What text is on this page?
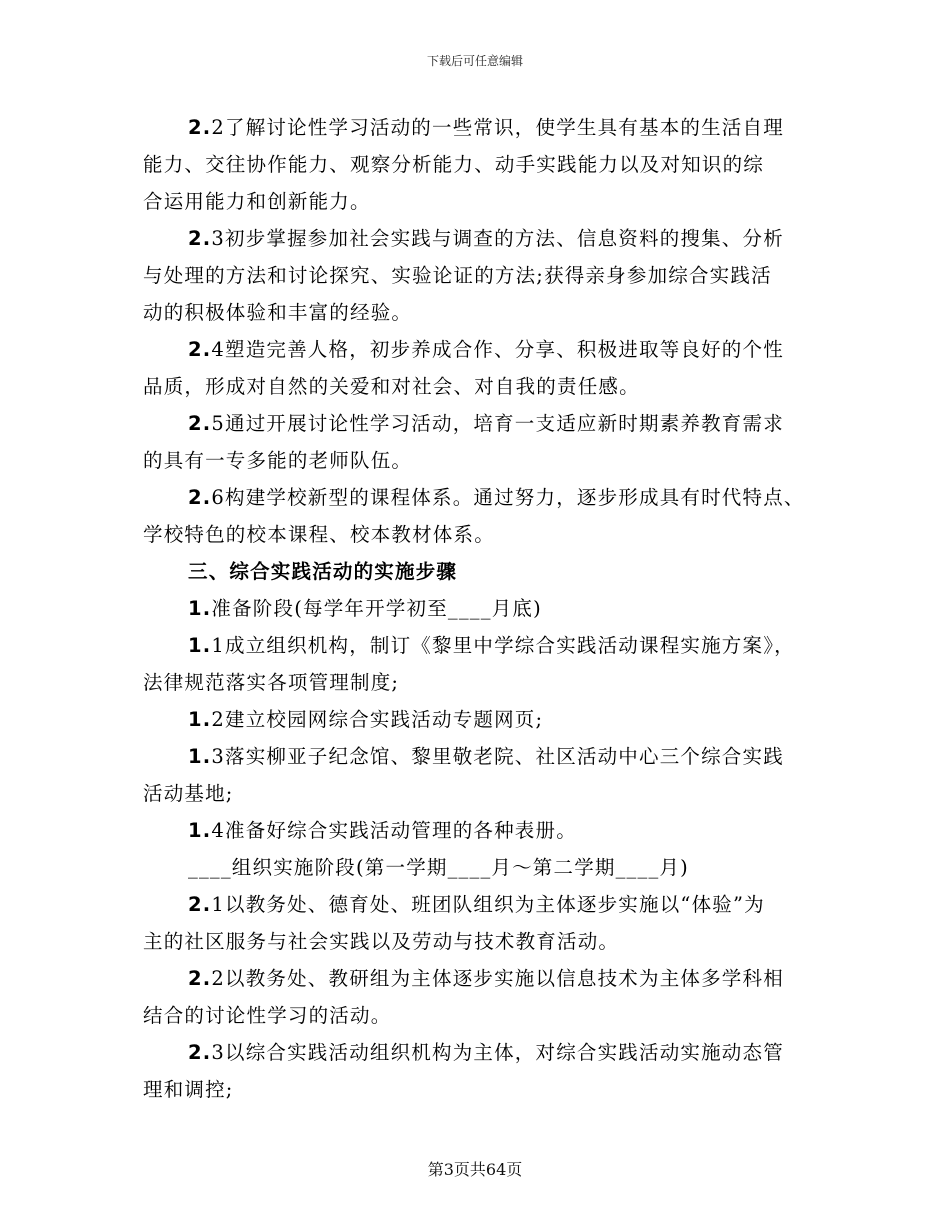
下载后可任意编辑

2.2了解讨论性学习活动的一些常识，使学生具有基本的生活自理

能力、交往协作能力、观察分析能力、动手实践能力以及对知识的综

合运用能力和创新能力。

2.3初步掌握参加社会实践与调查的方法、信息资料的搜集、分析

与处理的方法和讨论探究、实验论证的方法;获得亲身参加综合实践活

动的积极体验和丰富的经验。

2.4塑造完善人格，初步养成合作、分享、积极进取等良好的个性

品质，形成对自然的关爱和对社会、对自我的责任感。

2.5通过开展讨论性学习活动，培育一支适应新时期素养教育需求

的具有一专多能的老师队伍。

2.6构建学校新型的课程体系。通过努力，逐步形成具有时代特点、

学校特色的校本课程、校本教材体系。

三、综合实践活动的实施步骤

1.准备阶段(每学年开学初至____月底)

1.1成立组织机构，制订《黎里中学综合实践活动课程实施方案》，

法律规范落实各项管理制度;

1.2建立校园网综合实践活动专题网页;

1.3落实柳亚子纪念馆、黎里敬老院、社区活动中心三个综合实践

活动基地;

1.4准备好综合实践活动管理的各种表册。

____组织实施阶段(第一学期____月～第二学期____月)

2.1以教务处、德育处、班团队组织为主体逐步实施以“体验”为

主的社区服务与社会实践以及劳动与技术教育活动。

2.2以教务处、教研组为主体逐步实施以信息技术为主体多学科相

结合的讨论性学习的活动。

2.3以综合实践活动组织机构为主体，对综合实践活动实施动态管

理和调控;

第3页共64页
